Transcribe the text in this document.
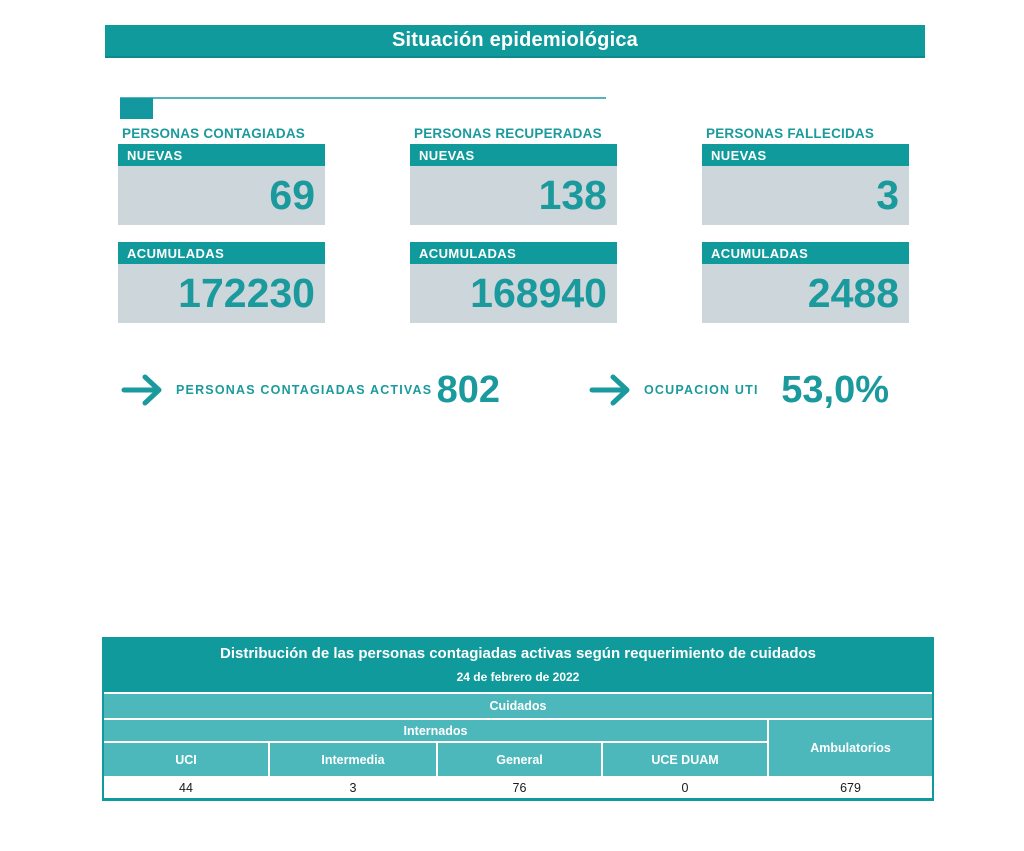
Situación epidemiológica
PERSONAS CONTAGIADAS
NUEVAS
69
ACUMULADAS
172230
PERSONAS RECUPERADAS
NUEVAS
138
ACUMULADAS
168940
PERSONAS FALLECIDAS
NUEVAS
3
ACUMULADAS
2488
PERSONAS CONTAGIADAS ACTIVAS 802	OCUPACION UTI 53,0%
Distribución de las personas contagiadas activas según requerimiento de cuidados
24 de febrero de 2022
Cuidados
Internados
Ambulatorios
UCI	Intermedia	General	UCE DUAM
44	3	76	0	679
